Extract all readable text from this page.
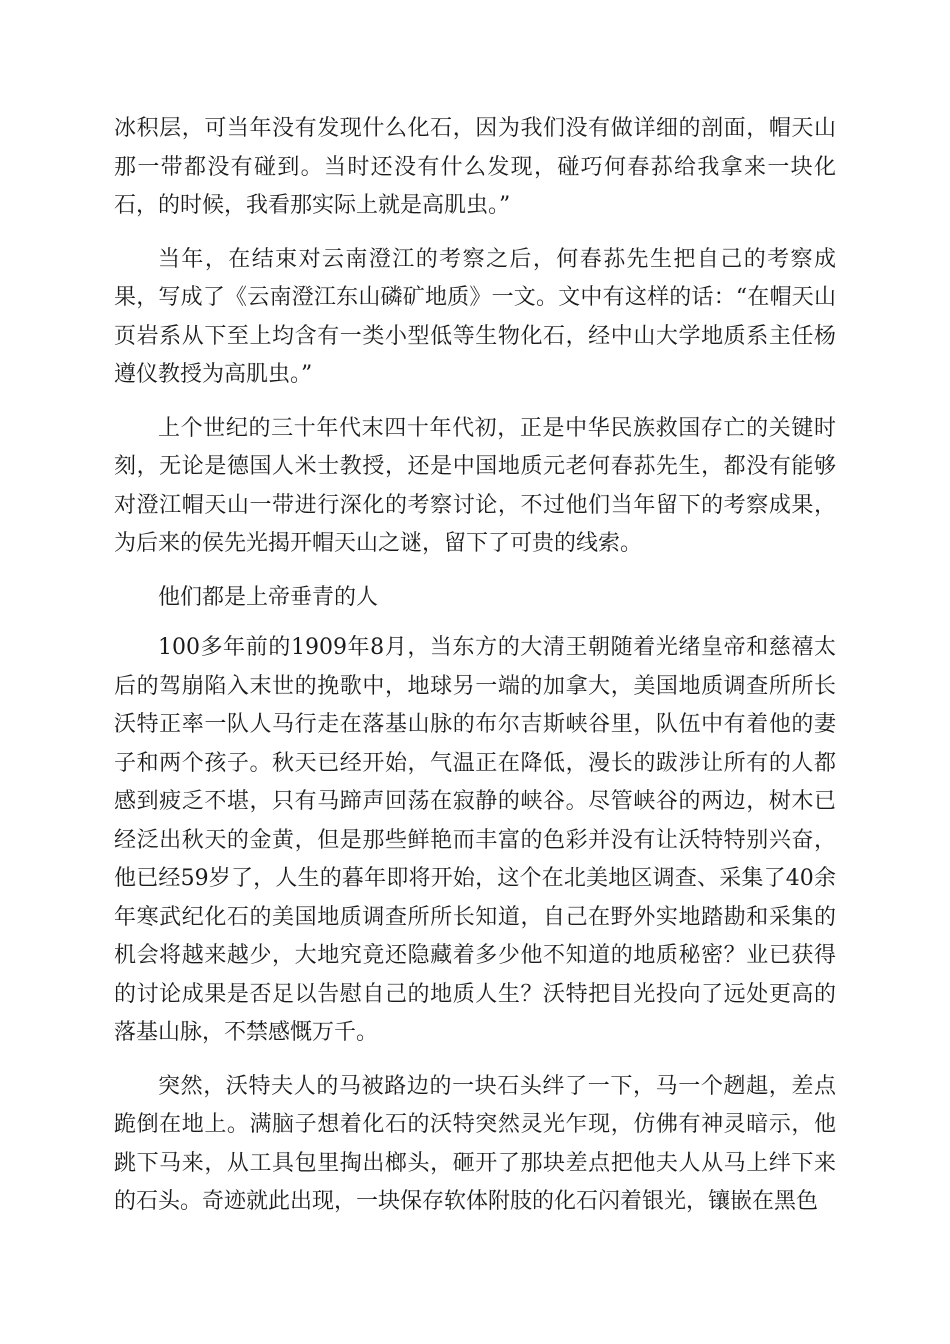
冰积层，可当年没有发现什么化石，因为我们没有做详细的剖面，帽天山那一带都没有碰到。当时还没有什么发现，碰巧何春荪给我拿来一块化石，的时候，我看那实际上就是高肌虫。”

当年，在结束对云南澄江的考察之后，何春荪先生把自己的考察成果，写成了《云南澄江东山磷矿地质》一文。文中有这样的话：“在帽天山页岩系从下至上均含有一类小型低等生物化石，经中山大学地质系主任杨遵仪教授为高肌虫。”

上个世纪的三十年代末四十年代初，正是中华民族救国存亡的关键时刻，无论是德国人米士教授，还是中国地质元老何春荪先生，都没有能够对澄江帽天山一带进行深化的考察讨论，不过他们当年留下的考察成果，为后来的侯先光揭开帽天山之谜，留下了可贵的线索。

他们都是上帝垂青的人

100多年前的1909年8月，当东方的大清王朝随着光绪皇帝和慈禧太后的驾崩陷入末世的挽歌中，地球另一端的加拿大，美国地质调查所所长沃特正率一队人马行走在落基山脉的布尔吉斯峡谷里，队伍中有着他的妻子和两个孩子。秋天已经开始，气温正在降低，漫长的跋涉让所有的人都感到疲乏不堪，只有马蹄声回荡在寂静的峡谷。尽管峡谷的两边，树木已经泛出秋天的金黄，但是那些鲜艳而丰富的色彩并没有让沃特特别兴奋，他已经59岁了，人生的暮年即将开始，这个在北美地区调查、采集了40余年寒武纪化石的美国地质调查所所长知道，自己在野外实地踏勘和采集的机会将越来越少，大地究竟还隐藏着多少他不知道的地质秘密？业已获得的讨论成果是否足以告慰自己的地质人生？沃特把目光投向了远处更高的落基山脉，不禁感慨万千。

突然，沃特夫人的马被路边的一块石头绊了一下，马一个趔趄，差点跪倒在地上。满脑子想着化石的沃特突然灵光乍现，仿佛有神灵暗示，他跳下马来，从工具包里掏出榔头，砸开了那块差点把他夫人从马上绊下来的石头。奇迹就此出现，一块保存软体附肢的化石闪着银光，镶嵌在黑色
